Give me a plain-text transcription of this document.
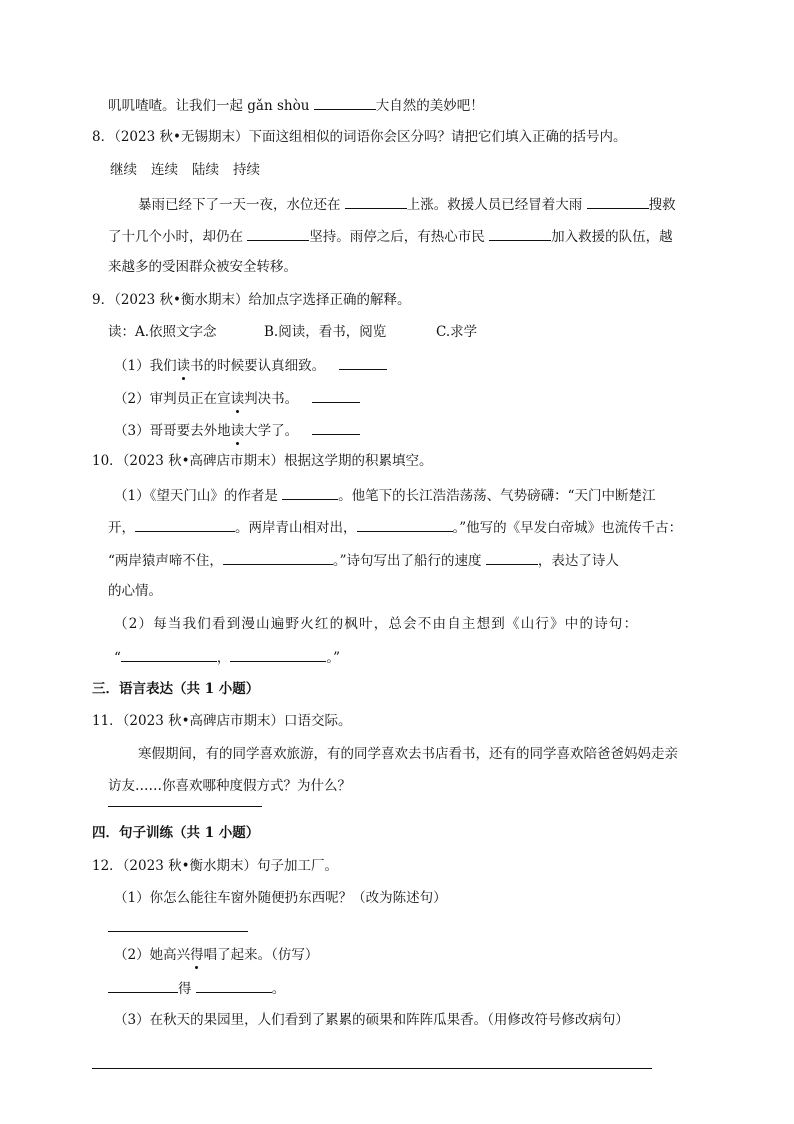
叽叽喳喳。让我们一起 gǎn shòu	大自然的美妙吧！
8．（2023 秋•无锡期末）下面这组相似的词语你会区分吗？请把它们填入正确的括号内。
继续 连续 陆续 持续
暴雨已经下了一天一夜，水位还在	上涨。救援人员已经冒着大雨	搜救
了十几个小时，却仍在	坚持。雨停之后，有热心市民	加入救援的队伍，越
来越多的受困群众被安全转移。
9．（2023 秋•衡水期末）给加点字选择正确的解释。
读：A.依照文字念	B.阅读，看书，阅览	C.求学
（1）我们读书的时候要认真细致。
（2）审判员正在宣读判决书。
（3）哥哥要去外地读大学了。
10．（2023 秋•高碑店市期末）根据这学期的积累填空。
（1）《望天门山》的作者是	。他笔下的长江浩浩荡荡、气势磅礴：“天门中断楚江
开，	。两岸青山相对出，	。”他写的《早发白帝城》也流传千古：
“两岸猿声啼不住，	。”诗句写出了船行的速度	，表达了诗人
的心情。
（2）每当我们看到漫山遍野火红的枫叶，总会不由自主想到《山行》中的诗句：
“	，	。”
三．语言表达（共 1 小题）
11．（2023 秋•高碑店市期末）口语交际。
寒假期间，有的同学喜欢旅游，有的同学喜欢去书店看书，还有的同学喜欢陪爸爸妈妈走亲
访友……你喜欢哪种度假方式？为什么？
四．句子训练（共 1 小题）
12．（2023 秋•衡水期末）句子加工厂。
（1）你怎么能往车窗外随便扔东西呢？（改为陈述句）
（2）她高兴得唱了起来。（仿写）
得	。
（3）在秋天的果园里，人们看到了累累的硕果和阵阵瓜果香。（用修改符号修改病句）
